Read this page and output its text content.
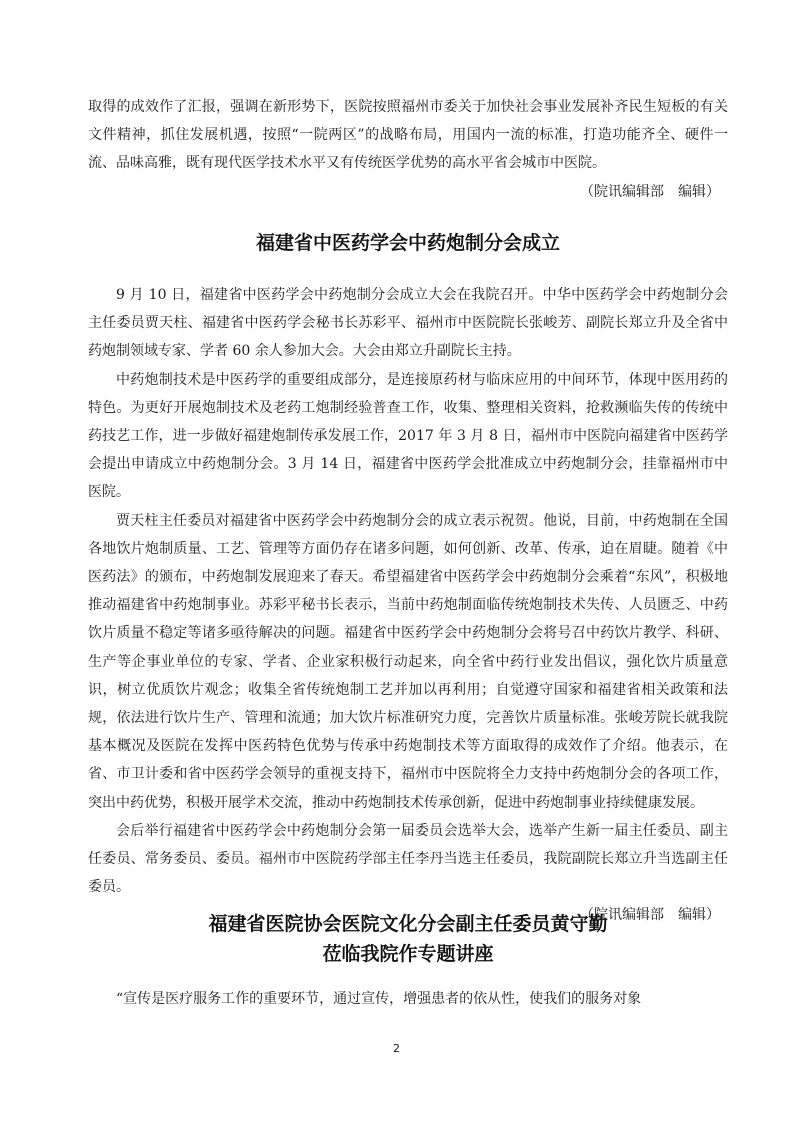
取得的成效作了汇报，强调在新形势下，医院按照福州市委关于加快社会事业发展补齐民生短板的有关文件精神，抓住发展机遇，按照“一院两区”的战略布局，用国内一流的标准，打造功能齐全、硬件一流、品味高雅，既有现代医学技术水平又有传统医学优势的高水平省会城市中医院。

（院讯编辑部　编辑）

福建省中医药学会中药炮制分会成立

9 月 10 日，福建省中医药学会中药炮制分会成立大会在我院召开。中华中医药学会中药炮制分会主任委员贾天柱、福建省中医药学会秘书长苏彩平、福州市中医院院长张峻芳、副院长郑立升及全省中药炮制领域专家、学者 60 余人参加大会。大会由郑立升副院长主持。

中药炮制技术是中医药学的重要组成部分，是连接原药材与临床应用的中间环节，体现中医用药的特色。为更好开展炮制技术及老药工炮制经验普查工作，收集、整理相关资料，抢救濒临失传的传统中药技艺工作，进一步做好福建炮制传承发展工作，2017 年 3 月 8 日，福州市中医院向福建省中医药学会提出申请成立中药炮制分会。3 月 14 日，福建省中医药学会批准成立中药炮制分会，挂靠福州市中医院。

贾天柱主任委员对福建省中医药学会中药炮制分会的成立表示祝贺。他说，目前，中药炮制在全国各地饮片炮制质量、工艺、管理等方面仍存在诸多问题，如何创新、改革、传承，迫在眉睫。随着《中医药法》的颁布，中药炮制发展迎来了春天。希望福建省中医药学会中药炮制分会乘着“东风”，积极地推动福建省中药炮制事业。苏彩平秘书长表示，当前中药炮制面临传统炮制技术失传、人员匮乏、中药饮片质量不稳定等诸多亟待解决的问题。福建省中医药学会中药炮制分会将号召中药饮片教学、科研、生产等企事业单位的专家、学者、企业家积极行动起来，向全省中药行业发出倡议，强化饮片质量意识，树立优质饮片观念；收集全省传统炮制工艺并加以再利用；自觉遵守国家和福建省相关政策和法规，依法进行饮片生产、管理和流通；加大饮片标准研究力度，完善饮片质量标准。张峻芳院长就我院基本概况及医院在发挥中医药特色优势与传承中药炮制技术等方面取得的成效作了介绍。他表示，在省、市卫计委和省中医药学会领导的重视支持下，福州市中医院将全力支持中药炮制分会的各项工作，突出中药优势，积极开展学术交流，推动中药炮制技术传承创新，促进中药炮制事业持续健康发展。

会后举行福建省中医药学会中药炮制分会第一届委员会选举大会，选举产生新一届主任委员、副主任委员、常务委员、委员。福州市中医院药学部主任李丹当选主任委员，我院副院长郑立升当选副主任委员。

（院讯编辑部　编辑）

福建省医院协会医院文化分会副主任委员黄守勤
莅临我院作专题讲座

“宣传是医疗服务工作的重要环节，通过宣传，增强患者的依从性，使我们的服务对象

2
